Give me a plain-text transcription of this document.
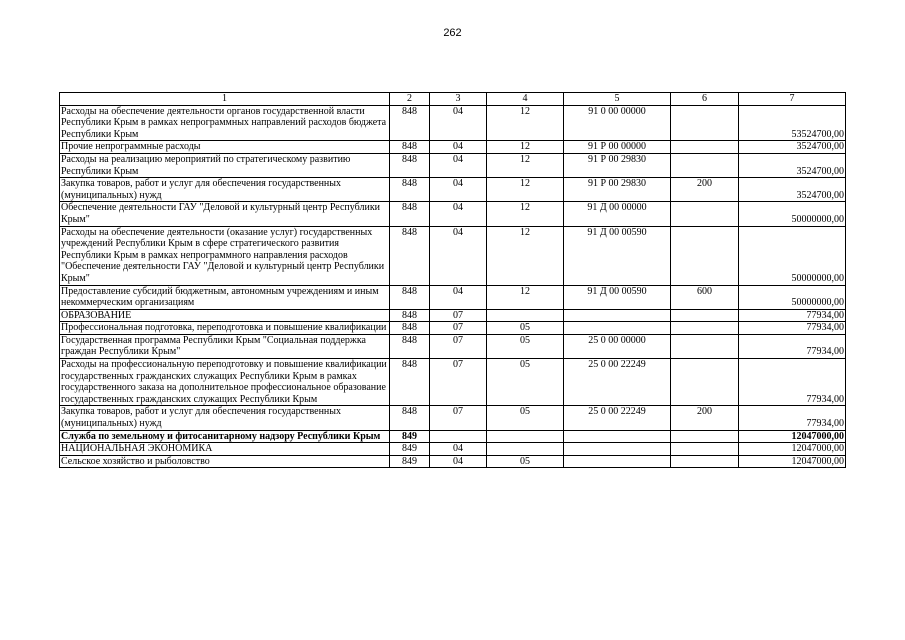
262
1	2	3	4	5	6	7
Расходы на обеспечение деятельности органов государственной власти Республики Крым в рамках непрограммных направлений расходов бюджета Республики Крым	848	04	12	91 0 00 00000		53524700,00
Прочие непрограммные расходы	848	04	12	91 Р 00 00000		3524700,00
Расходы на реализацию мероприятий по стратегическому развитию Республики Крым	848	04	12	91 Р 00 29830		3524700,00
Закупка товаров, работ и услуг для обеспечения государственных (муниципальных) нужд	848	04	12	91 Р 00 29830	200	3524700,00
Обеспечение деятельности ГАУ "Деловой и культурный центр Республики Крым"	848	04	12	91 Д 00 00000		50000000,00
Расходы на обеспечение деятельности (оказание услуг) государственных учреждений Республики Крым в сфере стратегического развития Республики Крым в рамках непрограммного направления расходов "Обеспечение деятельности ГАУ "Деловой и культурный центр Республики Крым"	848	04	12	91 Д 00 00590		50000000,00
Предоставление субсидий бюджетным, автономным учреждениям и иным некоммерческим организациям	848	04	12	91 Д 00 00590	600	50000000,00
ОБРАЗОВАНИЕ	848	07				77934,00
Профессиональная подготовка, переподготовка и повышение квалификации	848	07	05			77934,00
Государственная программа Республики Крым "Социальная поддержка граждан Республики Крым"	848	07	05	25 0 00 00000		77934,00
Расходы на профессиональную переподготовку и повышение квалификации государственных гражданских служащих Республики Крым в рамках государственного заказа на дополнительное профессиональное образование государственных гражданских служащих Республики Крым	848	07	05	25 0 00 22249		77934,00
Закупка товаров, работ и услуг для обеспечения государственных (муниципальных) нужд	848	07	05	25 0 00 22249	200	77934,00
Служба по земельному и фитосанитарному надзору Республики Крым	849					12047000,00
НАЦИОНАЛЬНАЯ ЭКОНОМИКА	849	04				12047000,00
Сельское хозяйство и рыболовство	849	04	05			12047000,00
